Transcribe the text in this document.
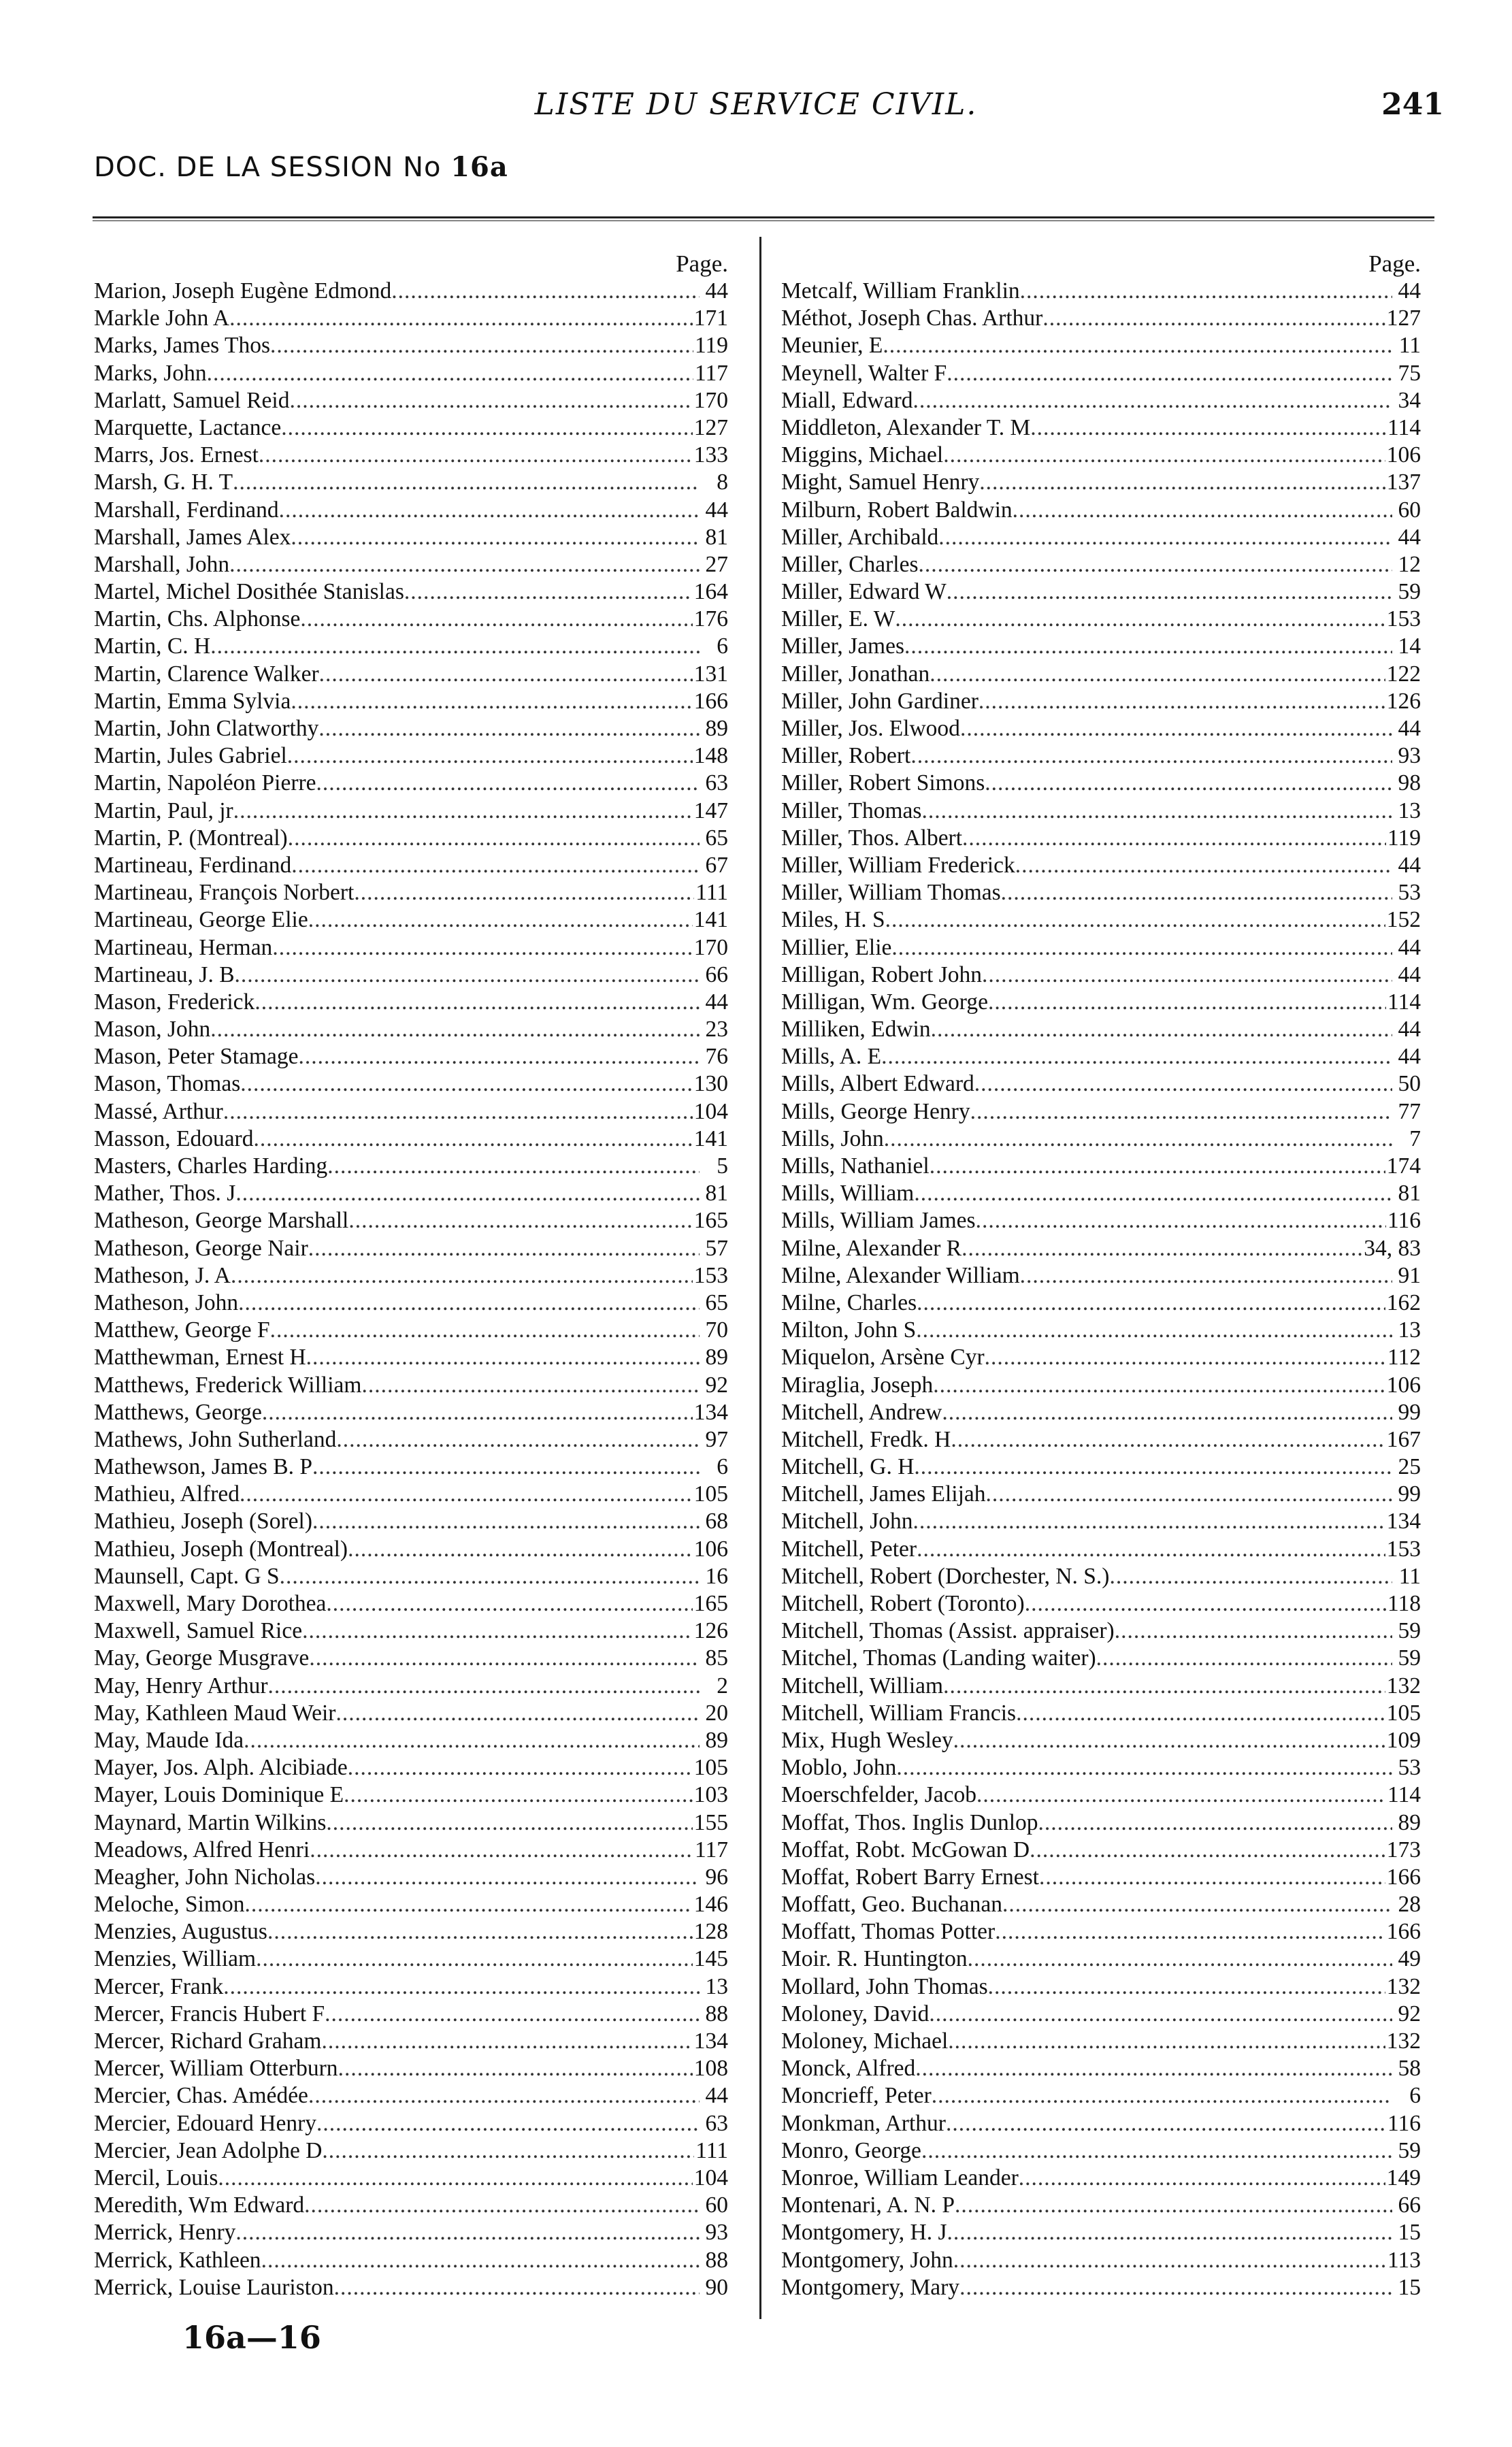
LISTE DU SERVICE CIVIL.	241
DOC. DE LA SESSION No 16a
Page.
Marion, Joseph Eugène Edmond .....	44
Markle John A .....	171
Marks, James Thos .....	119
Marks, John .....	117
Marlatt, Samuel Reid .....	170
Marquette, Lactance .....	127
Marrs, Jos. Ernest .....	133
Marsh, G. H. T .....	8
Marshall, Ferdinand .....	44
Marshall, James Alex .....	81
Marshall, John .....	27
Martel, Michel Dosithée Stanislas .....	164
Martin, Chs. Alphonse .....	176
Martin, C. H .....	6
Martin, Clarence Walker .....	131
Martin, Emma Sylvia .....	166
Martin, John Clatworthy .....	89
Martin, Jules Gabriel .....	148
Martin, Napoléon Pierre .....	63
Martin, Paul, jr .....	147
Martin, P. (Montreal) .....	65
Martineau, Ferdinand .....	67
Martineau, François Norbert .....	111
Martineau, George Elie .....	141
Martineau, Herman .....	170
Martineau, J. B .....	66
Mason, Frederick .....	44
Mason, John .....	23
Mason, Peter Stamage .....	76
Mason, Thomas .....	130
Massé, Arthur .....	104
Masson, Edouard .....	141
Masters, Charles Harding .....	5
Mather, Thos. J .....	81
Matheson, George Marshall .....	165
Matheson, George Nair .....	57
Matheson, J. A .....	153
Matheson, John .....	65
Matthew, George F .....	70
Matthewman, Ernest H .....	89
Matthews, Frederick William .....	92
Matthews, George .....	134
Mathews, John Sutherland .....	97
Mathewson, James B. P .....	6
Mathieu, Alfred .....	105
Mathieu, Joseph (Sorel) .....	68
Mathieu, Joseph (Montreal) .....	106
Maunsell, Capt. G S .....	16
Maxwell, Mary Dorothea .....	165
Maxwell, Samuel Rice .....	126
May, George Musgrave .....	85
May, Henry Arthur .....	2
May, Kathleen Maud Weir .....	20
May, Maude Ida .....	89
Mayer, Jos. Alph. Alcibiade .....	105
Mayer, Louis Dominique E .....	103
Maynard, Martin Wilkins .....	155
Meadows, Alfred Henri .....	117
Meagher, John Nicholas .....	96
Meloche, Simon .....	146
Menzies, Augustus .....	128
Menzies, William .....	145
Mercer, Frank .....	13
Mercer, Francis Hubert F .....	88
Mercer, Richard Graham .....	134
Mercer, William Otterburn .....	108
Mercier, Chas. Amédée .....	44
Mercier, Edouard Henry .....	63
Mercier, Jean Adolphe D .....	111
Mercil, Louis .....	104
Meredith, Wm Edward .....	60
Merrick, Henry .....	93
Merrick, Kathleen .....	88
Merrick, Louise Lauriston .....	90
Page.
Metcalf, William Franklin .....	44
Méthot, Joseph Chas. Arthur .....	127
Meunier, E .....	11
Meynell, Walter F .....	75
Miall, Edward .....	34
Middleton, Alexander T. M .....	114
Miggins, Michael .....	106
Might, Samuel Henry .....	137
Milburn, Robert Baldwin .....	60
Miller, Archibald .....	44
Miller, Charles .....	12
Miller, Edward W .....	59
Miller, E. W .....	153
Miller, James .....	14
Miller, Jonathan .....	122
Miller, John Gardiner .....	126
Miller, Jos. Elwood .....	44
Miller, Robert .....	93
Miller, Robert Simons .....	98
Miller, Thomas .....	13
Miller, Thos. Albert .....	119
Miller, William Frederick .....	44
Miller, William Thomas .....	53
Miles, H. S .....	152
Millier, Elie .....	44
Milligan, Robert John .....	44
Milligan, Wm. George .....	114
Milliken, Edwin .....	44
Mills, A. E .....	44
Mills, Albert Edward .....	50
Mills, George Henry .....	77
Mills, John .....	7
Mills, Nathaniel .....	174
Mills, William .....	81
Mills, William James .....	116
Milne, Alexander R .....	34, 83
Milne, Alexander William .....	91
Milne, Charles .....	162
Milton, John S .....	13
Miquelon, Arsène Cyr .....	112
Miraglia, Joseph .....	106
Mitchell, Andrew .....	99
Mitchell, Fredk. H .....	167
Mitchell, G. H .....	25
Mitchell, James Elijah .....	99
Mitchell, John .....	134
Mitchell, Peter .....	153
Mitchell, Robert (Dorchester, N. S.) .....	11
Mitchell, Robert (Toronto) .....	118
Mitchell, Thomas (Assist. appraiser) .....	59
Mitchel, Thomas (Landing waiter) .....	59
Mitchell, William .....	132
Mitchell, William Francis .....	105
Mix, Hugh Wesley .....	109
Moblo, John .....	53
Moerschfelder, Jacob .....	114
Moffat, Thos. Inglis Dunlop .....	89
Moffat, Robt. McGowan D .....	173
Moffat, Robert Barry Ernest .....	166
Moffatt, Geo. Buchanan .....	28
Moffatt, Thomas Potter .....	166
Moir. R. Huntington .....	49
Mollard, John Thomas .....	132
Moloney, David .....	92
Moloney, Michael .....	132
Monck, Alfred .....	58
Moncrieff, Peter .....	6
Monkman, Arthur .....	116
Monro, George .....	59
Monroe, William Leander .....	149
Montenari, A. N. P .....	66
Montgomery, H. J .....	15
Montgomery, John .....	113
Montgomery, Mary .....	15
16a—16
